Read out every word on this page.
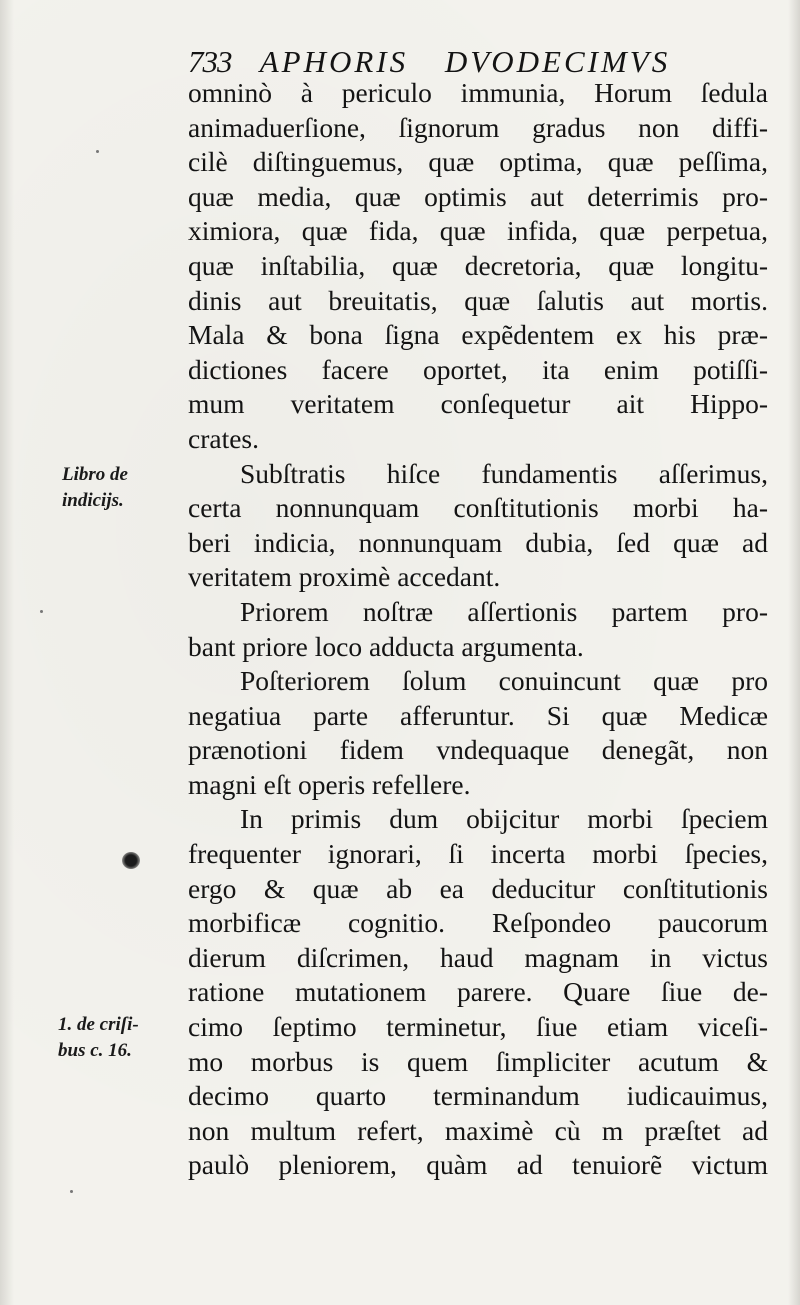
733 APHORIS DVODECIMVS
omninò à periculo immunia, Horum ſedula
animaduerſione, ſignorum gradus non diffi-
cilè diſtinguemus, quæ optima, quæ peſſima,
quæ media, quæ optimis aut deterrimis pro-
ximiora, quæ fida, quæ infida, quæ perpetua,
quæ inſtabilia, quæ decretoria, quæ longitu-
dinis aut breuitatis, quæ ſalutis aut mortis.
Mala & bona ſigna expẽdentem ex his præ-
dictiones facere oportet, ita enim potiſſi-
mum veritatem conſequetur ait Hippo-
crates.
Subſtratis hiſce fundamentis aſſerimus,
certa nonnunquam conſtitutionis morbi ha-
beri indicia, nonnunquam dubia, ſed quæ ad
veritatem proximè accedant.
Priorem noſtræ aſſertionis partem pro-
bant priore loco adducta argumenta.
Poſteriorem ſolum conuincunt quæ pro
negatiua parte afferuntur. Si quæ Medicæ
prænotioni fidem vndequaque denegãt, non
magni eſt operis refellere.
In primis dum obijcitur morbi ſpeciem
frequenter ignorari, ſi incerta morbi ſpecies,
ergo & quæ ab ea deducitur conſtitutionis
morbificæ cognitio. Reſpondeo paucorum
dierum diſcrimen, haud magnam in victus
ratione mutationem parere. Quare ſiue de-
cimo ſeptimo terminetur, ſiue etiam viceſi-
mo morbus is quem ſimpliciter acutum &
decimo quarto terminandum iudicauimus,
non multum refert, maximè cù m præſtet ad
paulò pleniorem, quàm ad tenuiorẽ victum
Libro de
indicijs.
1. de criſi-
bus c. 16.
